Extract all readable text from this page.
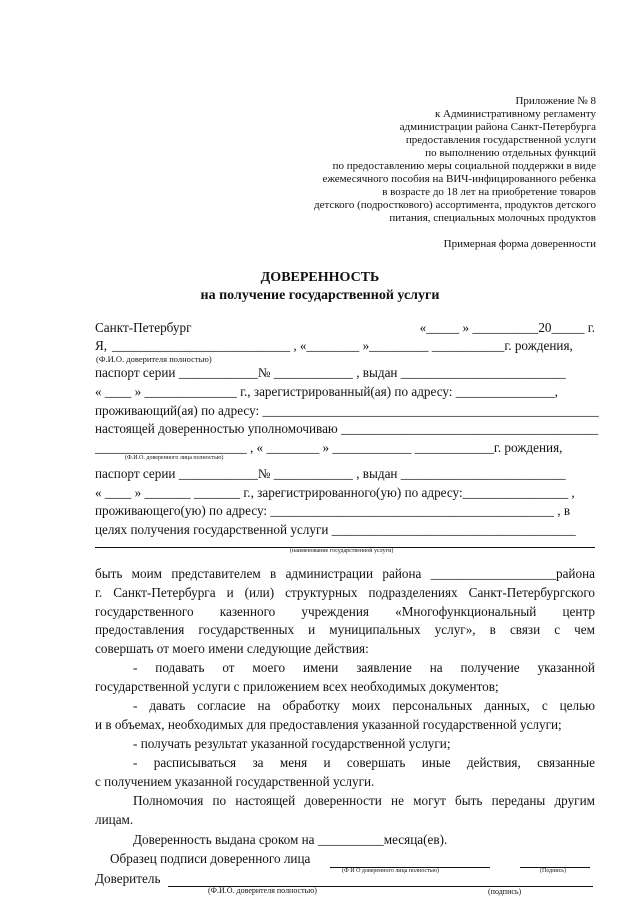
Приложение № 8
к Административному регламенту
администрации района Санкт-Петербурга
предоставления государственной услуги
по выполнению отдельных функций
по предоставлению меры социальной поддержки в виде
ежемесячного пособия на ВИЧ-инфицированного ребенка
в возрасте до 18 лет на приобретение товаров
детского (подросткового) ассортимента, продуктов детского
питания, специальных молочных продуктов
Примерная форма доверенности
ДОВЕРЕННОСТЬ
на получение государственной услуги
Санкт-Петербург	«_____ » __________20_____ г.
Я, ___________________________ , «________ »_________ ___________г. рождения,
(Ф.И.О. доверителя полностью)
паспорт серии ____________№ ____________ , выдан _________________________
« ____ » ______________ г., зарегистрированный(ая) по адресу: _______________,
проживающий(ая) по адресу: ___________________________________________________
настоящей доверенностью уполномочиваю _______________________________________
_______________________ , « ________ » ____________ ____________г. рождения,
(Ф.И.О. доверенного лица полностью)
паспорт серии ____________№ ____________ , выдан _________________________
« ____ » _______ _______ г., зарегистрированного(ую) по адресу:________________ ,
проживающего(ую) по адресу: ___________________________________________ , в
целях получения государственной услуги _____________________________________
(наименование государственной услуги)
быть моим представителем в администрации района ___________________района
г. Санкт-Петербурга и (или) структурных подразделениях Санкт-Петербургского
государственного казенного учреждения «Многофункциональный центр
предоставления государственных и муниципальных услуг», в связи с чем
совершать от моего имени следующие действия:
- подавать от моего имени заявление на получение указанной
государственной услуги с приложением всех необходимых документов;
- давать согласие на обработку моих персональных данных, с целью
и в объемах, необходимых для предоставления указанной государственной услуги;
- получать результат указанной государственной услуги;
- расписываться за меня и совершать иные действия, связанные
с получением указанной государственной услуги.
Полномочия по настоящей доверенности не могут быть переданы другим
лицам.
Доверенность выдана сроком на __________месяца(ев).
Образец подписи доверенного лица
(Ф И О доверенного лица полностью)	(Подпись)
Доверитель
(Ф.И.О. доверителя полностью)	(подпись)
